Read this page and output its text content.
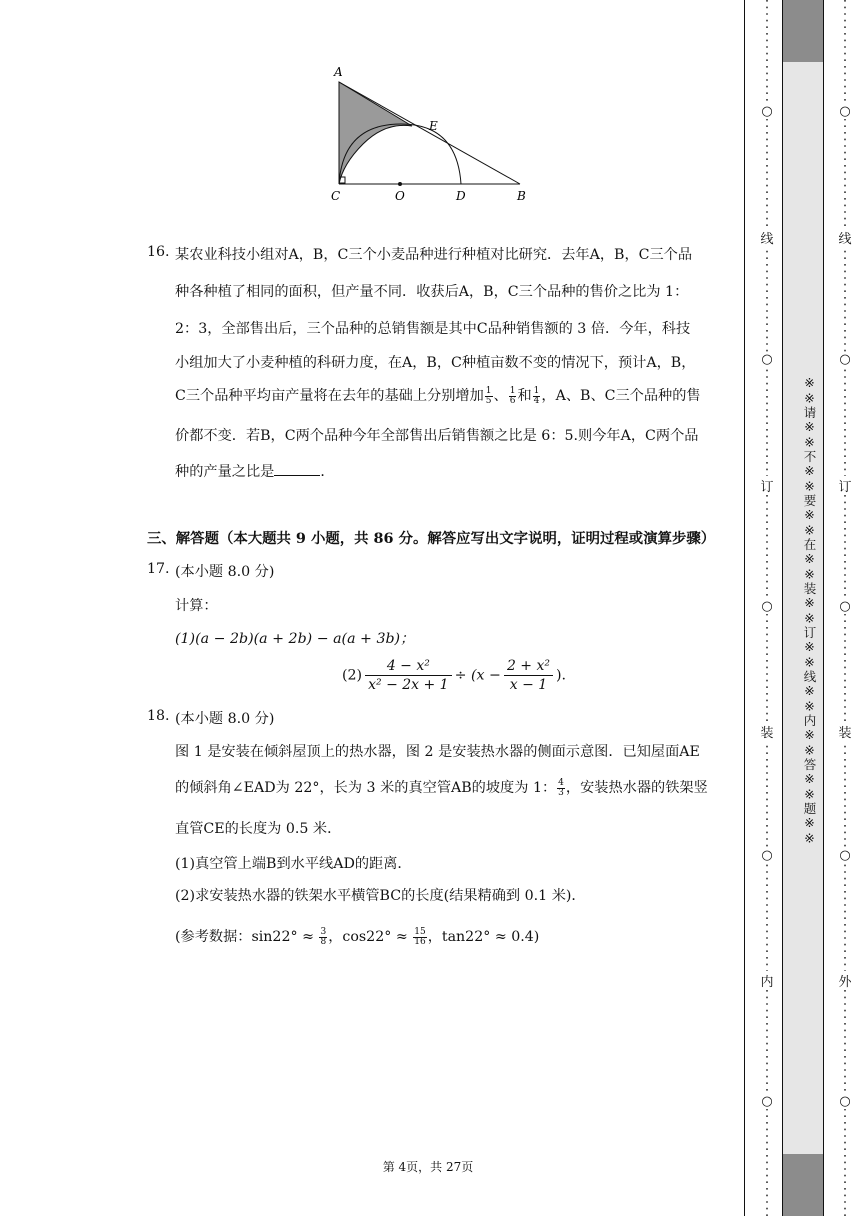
A
E
C	O	D	B
16. 某农业科技小组对A，B，C三个小麦品种进行种植对比研究．去年A，B，C三个品
种各种植了相同的面积，但产量不同．收获后A，B，C三个品种的售价之比为 1：
2：3，全部售出后，三个品种的总销售额是其中C品种销售额的 3 倍．今年，科技
小组加大了小麦种植的科研力度，在A，B，C种植亩数不变的情况下，预计A，B，
C三个品种平均亩产量将在去年的基础上分别增加 $\frac{1}{5}$ 、 $\frac{1}{6}$ 和 $\frac{1}{4}$ ，A、B、C三个品种的售
价都不变．若B，C两个品种今年全部售出后销售额之比是 6：5.则今年A，C两个品
种的产量之比是	．
三、解答题（本大题共 9 小题，共 86 分。解答应写出文字说明，证明过程或演算步骤）
17. (本小题 8.0 分)
计算：
(1)(a − 2b)(a + 2b) − a(a + 3b)；
$(2) \frac{\text{4 − x²}}{\text{x² − 2x + 1}} \div (x - \frac{\text{2 + x²}}{x - 1}$ ).
18. (本小题 8.0 分)
图 1 是安装在倾斜屋顶上的热水器，图 2 是安装热水器的侧面示意图．已知屋面AE
的倾斜角∠EAD为 22°，长为 3 米的真空管AB的坡度为 1： $\frac{4}{3}$ ，安装热水器的铁架竖
直管CE的长度为 0.5 米．
(1)真空管上端B到水平线AD的距离．
(2)求安装热水器的铁架水平横管BC的长度(结果精确到 0.1 米)．
(参考数据：$\sin 22^\circ \approx \frac{3}{8}$ ，$\cos 22^\circ \approx \frac{15}{16}$ ，tan22° ≈ 0.4)
第 4页，共 27页
○
线
○
订
○
装
○
内
○
○
线
○
订
○
装
○
外
○
※※请※※不※※要※※在※※装※※订※※线※※内※※答※※题※※
